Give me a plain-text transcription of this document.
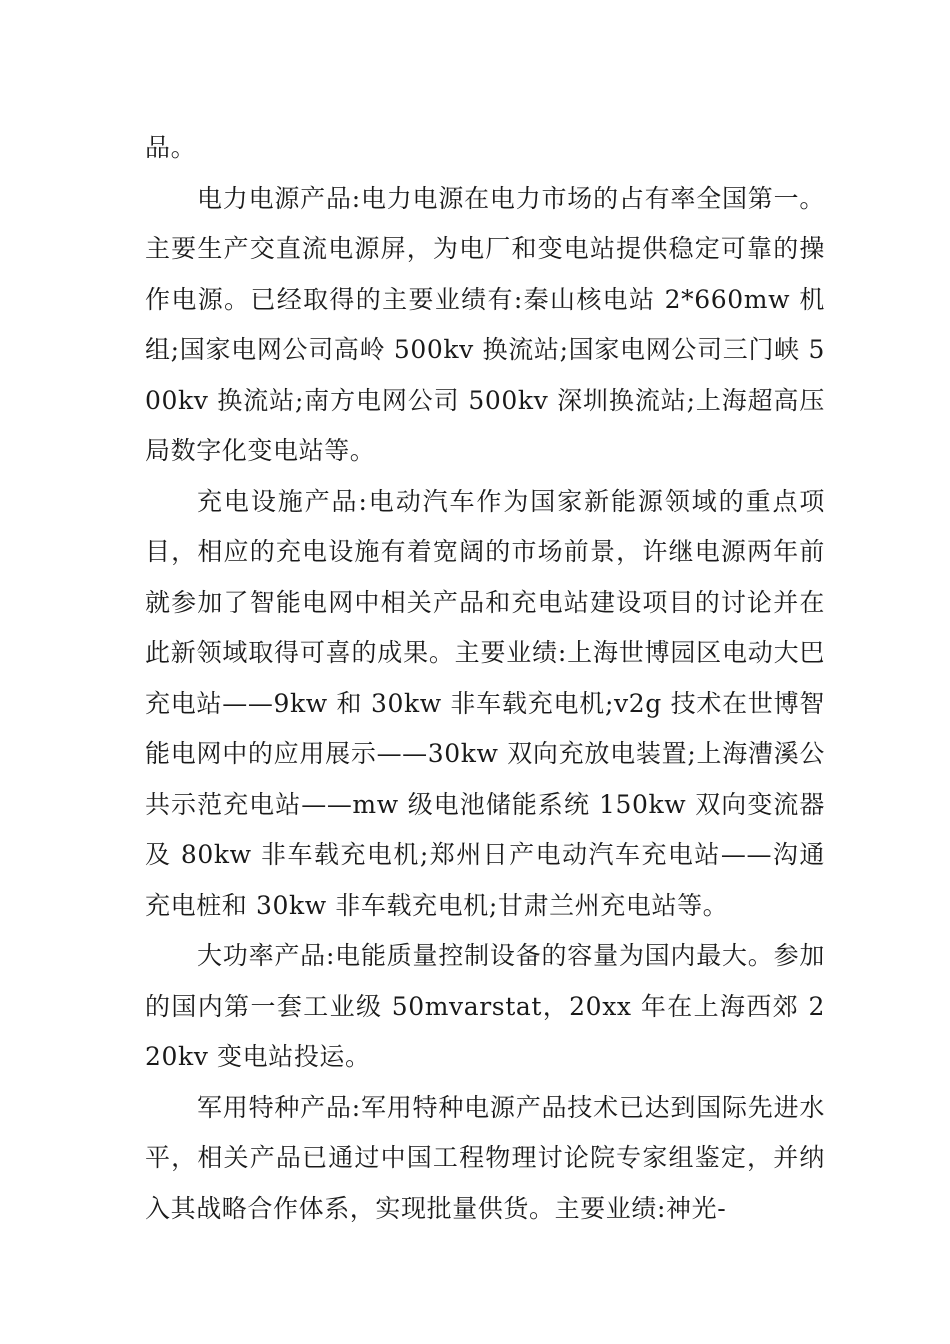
品。

电力电源产品:电力电源在电力市场的占有率全国第一。主要生产交直流电源屏，为电厂和变电站提供稳定可靠的操作电源。已经取得的主要业绩有:秦山核电站 2*660mw 机组;国家电网公司高岭 500kv 换流站;国家电网公司三门峡 500kv 换流站;南方电网公司 500kv 深圳换流站;上海超高压局数字化变电站等。

充电设施产品:电动汽车作为国家新能源领域的重点项目，相应的充电设施有着宽阔的市场前景，许继电源两年前就参加了智能电网中相关产品和充电站建设项目的讨论并在此新领域取得可喜的成果。主要业绩:上海世博园区电动大巴充电站——9kw 和 30kw 非车载充电机;v2g 技术在世博智能电网中的应用展示——30kw 双向充放电装置;上海漕溪公共示范充电站——mw 级电池储能系统 150kw 双向变流器及 80kw 非车载充电机;郑州日产电动汽车充电站——沟通充电桩和 30kw 非车载充电机;甘肃兰州充电站等。

大功率产品:电能质量控制设备的容量为国内最大。参加的国内第一套工业级 50mvarstat，20xx 年在上海西郊 220kv 变电站投运。

军用特种产品:军用特种电源产品技术已达到国际先进水平，相关产品已通过中国工程物理讨论院专家组鉴定，并纳入其战略合作体系，实现批量供货。主要业绩:神光-
